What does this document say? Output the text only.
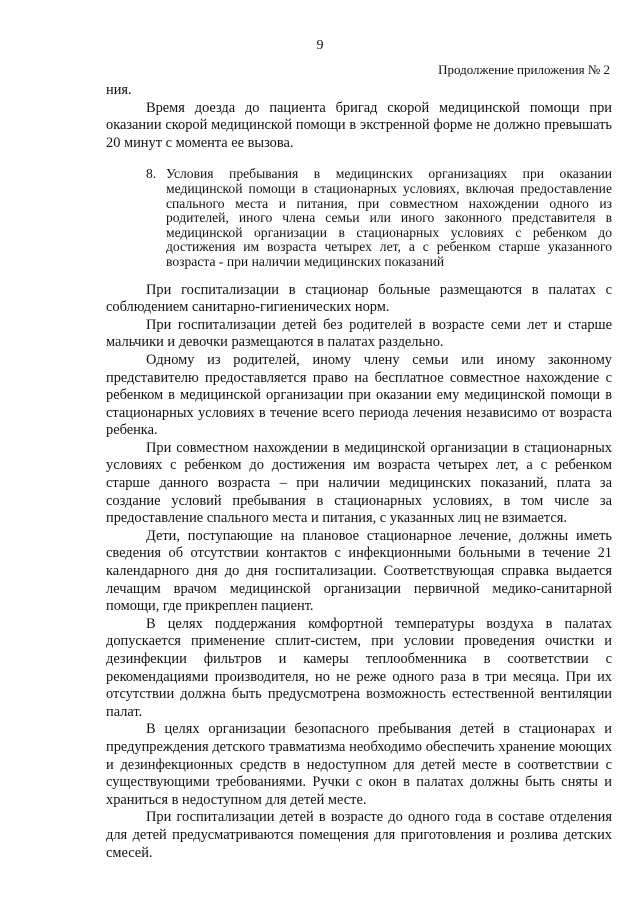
9
Продолжение приложения № 2

ния.

Время доезда до пациента бригад скорой медицинской помощи при оказании скорой медицинской помощи в экстренной форме не должно превышать 20 минут с момента ее вызова.

8. Условия пребывания в медицинских организациях при оказании медицинской помощи в стационарных условиях, включая предоставление спального места и питания, при совместном нахождении одного из родителей, иного члена семьи или иного законного представителя в медицинской организации в стационарных условиях с ребенком до достижения им возраста четырех лет, а с ребенком старше указанного возраста - при наличии медицинских показаний

При госпитализации в стационар больные размещаются в палатах с соблюдением санитарно-гигиенических норм.

При госпитализации детей без родителей в возрасте семи лет и старше мальчики и девочки размещаются в палатах раздельно.

Одному из родителей, иному члену семьи или иному законному представителю предоставляется право на бесплатное совместное нахождение с ребенком в медицинской организации при оказании ему медицинской помощи в стационарных условиях в течение всего периода лечения независимо от возраста ребенка.

При совместном нахождении в медицинской организации в стационарных условиях с ребенком до достижения им возраста четырех лет, а с ребенком старше данного возраста – при наличии медицинских показаний, плата за создание условий пребывания в стационарных условиях, в том числе за предоставление спального места и питания, с указанных лиц не взимается.

Дети, поступающие на плановое стационарное лечение, должны иметь сведения об отсутствии контактов с инфекционными больными в течение 21 календарного дня до дня госпитализации. Соответствующая справка выдается лечащим врачом медицинской организации первичной медико-санитарной помощи, где прикреплен пациент.

В целях поддержания комфортной температуры воздуха в палатах допускается применение сплит-систем, при условии проведения очистки и дезинфекции фильтров и камеры теплообменника в соответствии с рекомендациями производителя, но не реже одного раза в три месяца. При их отсутствии должна быть предусмотрена возможность естественной вентиляции палат.

В целях организации безопасного пребывания детей в стационарах и предупреждения детского травматизма необходимо обеспечить хранение моющих и дезинфекционных средств в недоступном для детей месте в соответствии с существующими требованиями. Ручки с окон в палатах должны быть сняты и храниться в недоступном для детей месте.

При госпитализации детей в возрасте до одного года в составе отделения для детей предусматриваются помещения для приготовления и розлива детских смесей.
